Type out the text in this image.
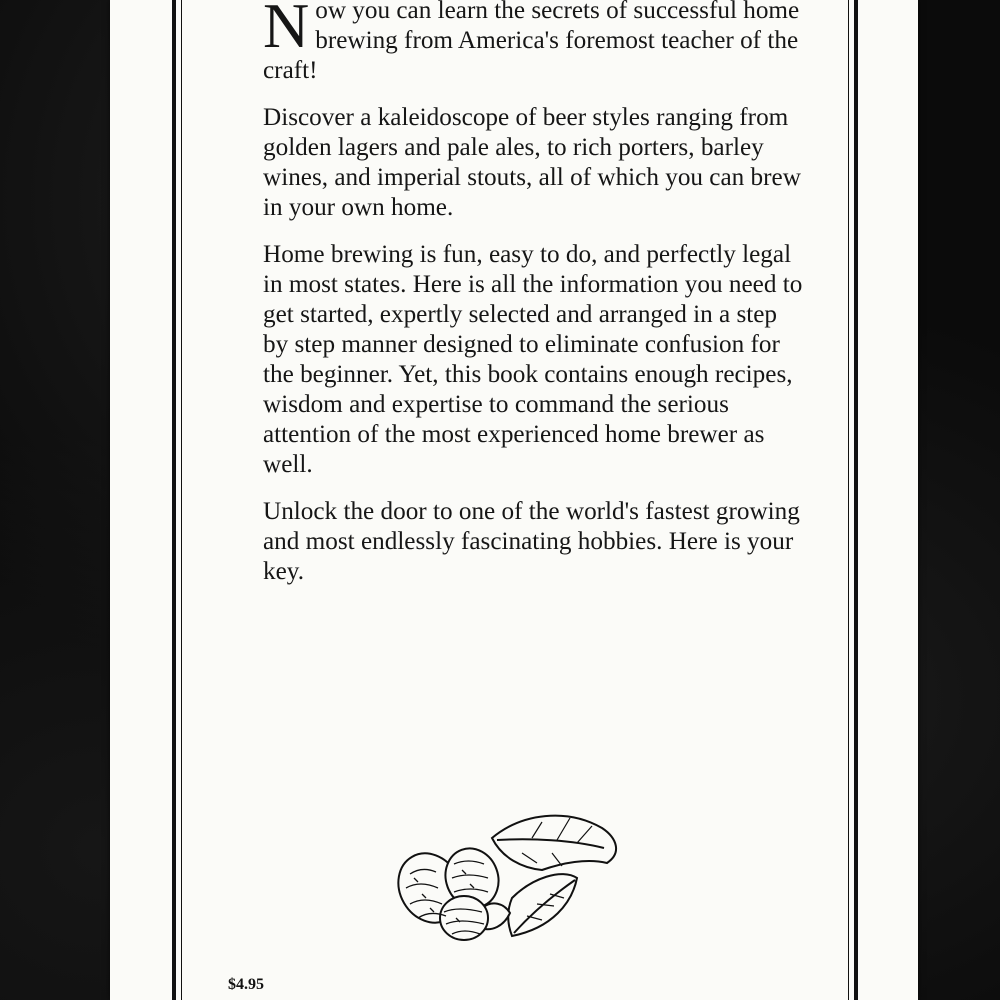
Now you can learn the secrets of successful home brewing from America's foremost teacher of the craft!

Discover a kaleidoscope of beer styles ranging from golden lagers and pale ales, to rich porters, barley wines, and imperial stouts, all of which you can brew in your own home.

Home brewing is fun, easy to do, and perfectly legal in most states. Here is all the information you need to get started, expertly selected and arranged in a step by step manner designed to eliminate confusion for the beginner. Yet, this book contains enough recipes, wisdom and expertise to command the serious attention of the most experienced home brewer as well.

Unlock the door to one of the world's fastest growing and most endlessly fascinating hobbies. Here is your key.

$4.95
